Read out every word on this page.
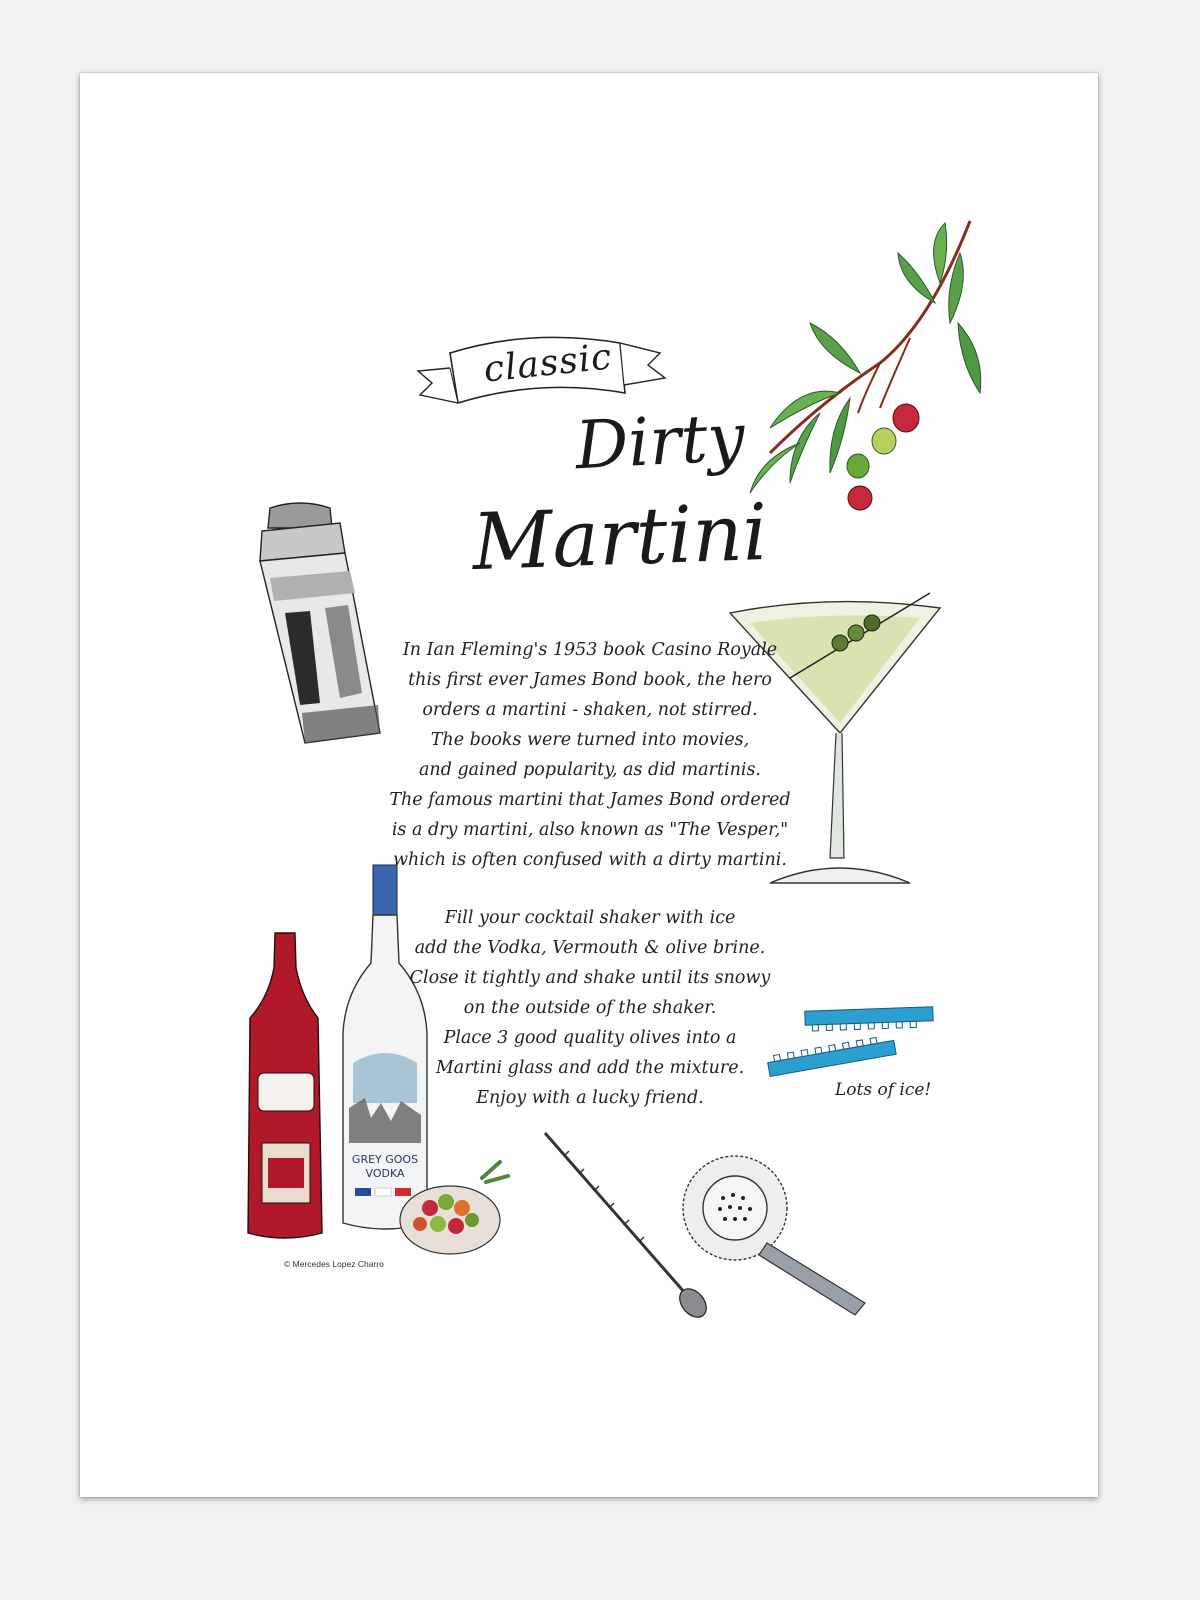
classic
Dirty
Martini
GREY GOOS
VODKA
Lots of ice!
In Ian Fleming's 1953 book Casino Royale
this first ever James Bond book, the hero
orders a martini - shaken, not stirred.
The books were turned into movies,
and gained popularity, as did martinis.
The famous martini that James Bond ordered
is a dry martini, also known as "The Vesper,"
which is often confused with a dirty martini.
Fill your cocktail shaker with ice
add the Vodka, Vermouth & olive brine.
Close it tightly and shake until its snowy
on the outside of the shaker.
Place 3 good quality olives into a
Martini glass and add the mixture.
Enjoy with a lucky friend.
© Mercedes Lopez Charro
